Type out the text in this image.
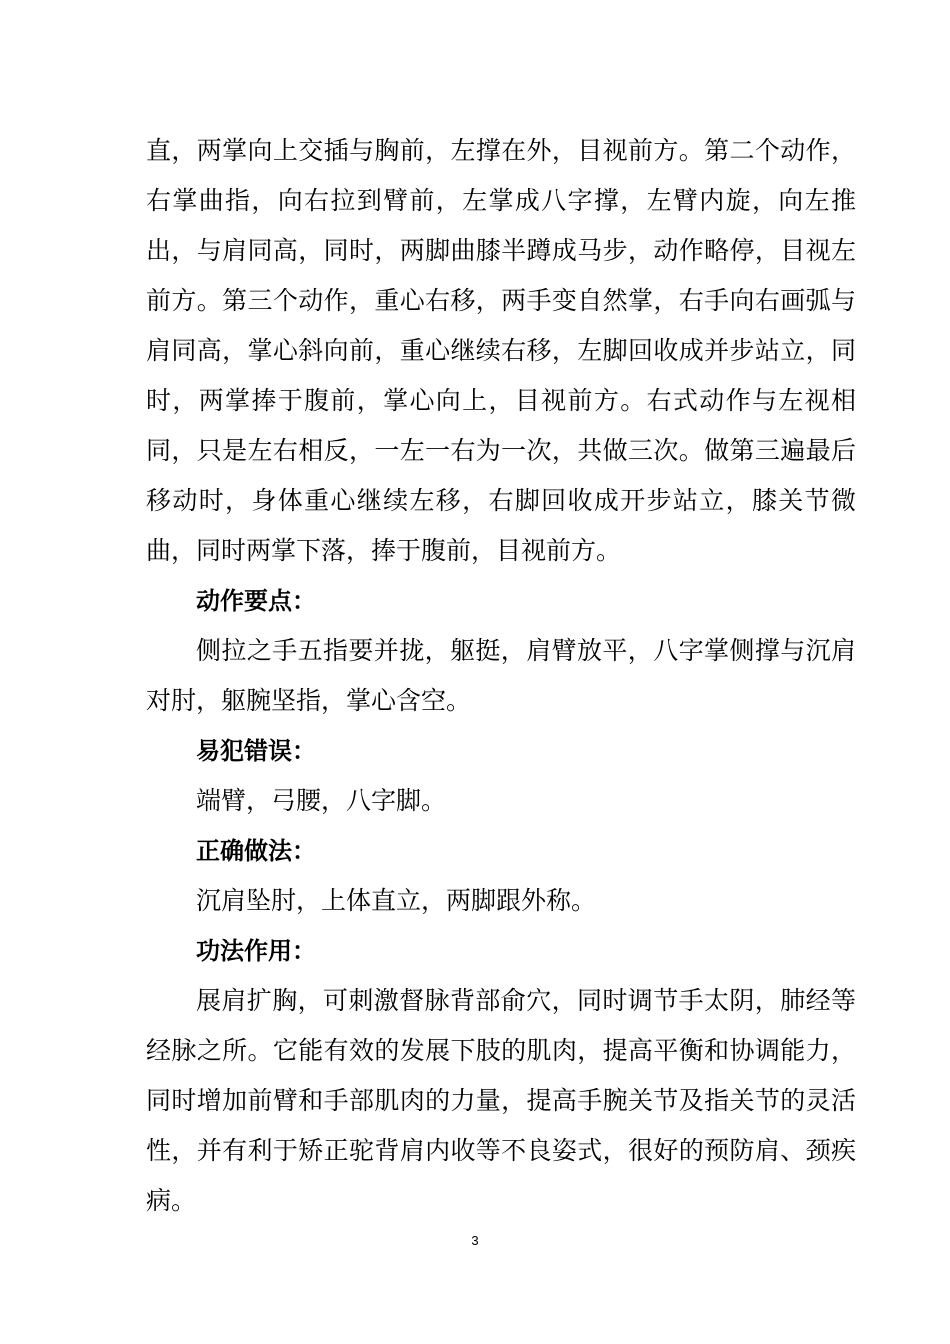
直，两掌向上交插与胸前，左撑在外，目视前方。第二个动作，右掌曲指，向右拉到臂前，左掌成八字撑，左臂内旋，向左推出，与肩同高，同时，两脚曲膝半蹲成马步，动作略停，目视左前方。第三个动作，重心右移，两手变自然掌，右手向右画弧与肩同高，掌心斜向前，重心继续右移，左脚回收成并步站立，同时，两掌捧于腹前，掌心向上，目视前方。右式动作与左视相同，只是左右相反，一左一右为一次，共做三次。做第三遍最后移动时，身体重心继续左移，右脚回收成开步站立，膝关节微曲，同时两掌下落，捧于腹前，目视前方。

动作要点：

侧拉之手五指要并拢，躯挺，肩臂放平，八字掌侧撑与沉肩对肘，躯腕坚指，掌心含空。

易犯错误：

端臂，弓腰，八字脚。

正确做法：

沉肩坠肘，上体直立，两脚跟外称。

功法作用：

展肩扩胸，可刺激督脉背部俞穴，同时调节手太阴，肺经等经脉之所。它能有效的发展下肢的肌肉，提高平衡和协调能力，同时增加前臂和手部肌肉的力量，提高手腕关节及指关节的灵活性，并有利于矫正驼背肩内收等不良姿式，很好的预防肩、颈疾病。

3
